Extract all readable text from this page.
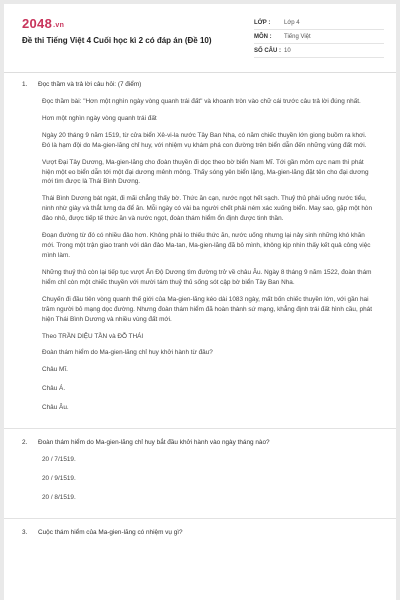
2048.vn
Đề thi Tiếng Việt 4 Cuối học kì 2 có đáp án (Đề 10)
LỚP :	Lớp 4
MÔN :	Tiếng Việt
SỐ CÂU : 10
1. Đọc thầm và trả lời câu hỏi: (7 điểm)

Đọc thầm bài: "Hơn một nghìn ngày vòng quanh trái đất" và khoanh tròn vào chữ cái trước câu trả lời đúng nhất.

Hơn một nghìn ngày vòng quanh trái đất

Ngày 20 tháng 9 năm 1519, từ cửa biển Xê-vi-la nước Tây Ban Nha, có năm chiếc thuyền lớn giong buồm ra khơi. Đó là hạm đội do Ma-gien-lăng chỉ huy, với nhiệm vụ khám phá con đường trên biển dẫn đến những vùng đất mới.

Vượt Đại Tây Dương, Ma-gien-lăng cho đoàn thuyền đi dọc theo bờ biển Nam Mĩ. Tới gần mỏm cực nam thì phát hiện một eo biển dẫn tới một đại dương mênh mông. Thấy sóng yên biển lặng, Ma-gien-lăng đặt tên cho đại dương mới tìm được là Thái Bình Dương.

Thái Bình Dương bát ngát, đi mãi chẳng thấy bờ. Thức ăn cạn, nước ngọt hết sạch. Thuỷ thủ phải uống nước tiểu, ninh nhừ giày và thắt lưng da để ăn. Mỗi ngày có vài ba người chết phải ném xác xuống biển. May sao, gặp một hòn đảo nhỏ, được tiếp tế thức ăn và nước ngọt, đoàn thám hiểm ổn định được tinh thần.

Đoạn đường từ đó có nhiều đảo hơn. Không phải lo thiếu thức ăn, nước uống nhưng lại nảy sinh những khó khăn mới. Trong một trận giao tranh với dân đảo Ma-tan, Ma-gien-lăng đã bỏ mình, không kịp nhìn thấy kết quả công việc mình làm.

Những thuỷ thủ còn lại tiếp tục vượt Ấn Độ Dương tìm đường trở về châu Âu. Ngày 8 tháng 9 năm 1522, đoàn thám hiểm chỉ còn một chiếc thuyền với mười tám thuỷ thủ sống sót cập bờ biển Tây Ban Nha.

Chuyến đi đầu tiên vòng quanh thế giới của Ma-gien-lăng kéo dài 1083 ngày, mất bốn chiếc thuyền lớn, với gần hai trăm người bỏ mạng dọc đường. Nhưng đoàn thám hiểm đã hoàn thành sứ mạng, khẳng định trái đất hình cầu, phát hiện Thái Bình Dương và nhiều vùng đất mới.

Theo TRẦN DIỆU TẦN và ĐỖ THÁI

Đoàn thám hiểm do Ma-gien-lăng chỉ huy khởi hành từ đâu?

Châu Mĩ.
Châu Á.
Châu Âu.
2. Đoàn thám hiểm do Ma-gien-lăng chỉ huy bắt đầu khởi hành vào ngày tháng nào?
20 / 7/1519.
20 / 9/1519.
20 / 8/1519.
3. Cuộc thám hiểm của Ma-gien-lăng có nhiệm vụ gì?
